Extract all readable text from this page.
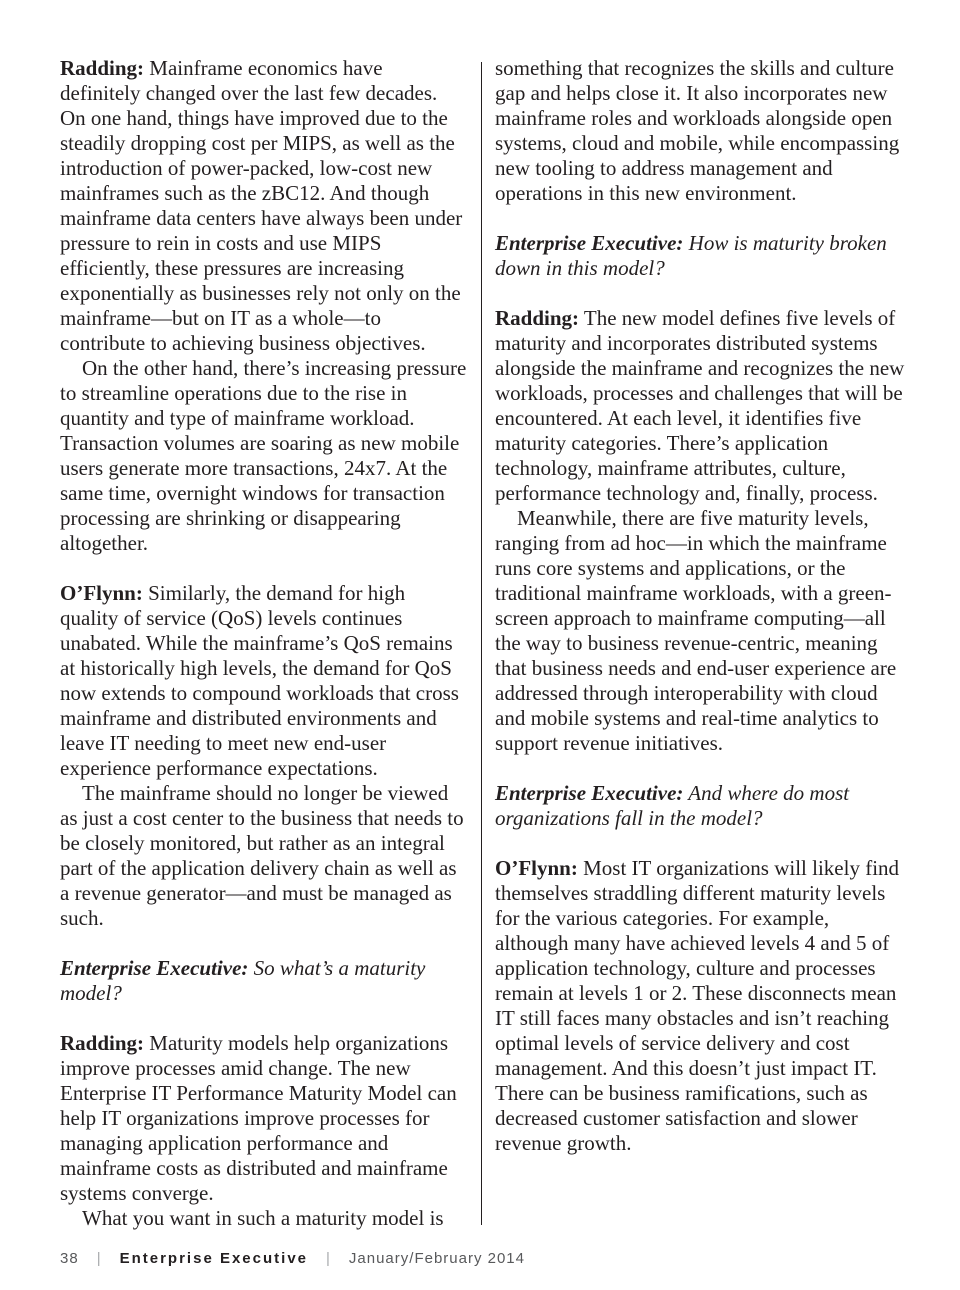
Radding: Mainframe economics have definitely changed over the last few decades. On one hand, things have improved due to the steadily dropping cost per MIPS, as well as the introduction of power-packed, low-cost new mainframes such as the zBC12. And though mainframe data centers have always been under pressure to rein in costs and use MIPS efficiently, these pressures are increasing exponentially as businesses rely not only on the mainframe—but on IT as a whole—to contribute to achieving business objectives.

On the other hand, there’s increasing pressure to streamline operations due to the rise in quantity and type of mainframe workload. Transaction volumes are soaring as new mobile users generate more transactions, 24x7. At the same time, overnight windows for transaction processing are shrinking or disappearing altogether.

O’Flynn: Similarly, the demand for high quality of service (QoS) levels continues unabated. While the mainframe’s QoS remains at historically high levels, the demand for QoS now extends to compound workloads that cross mainframe and distributed environments and leave IT needing to meet new end-user experience performance expectations.

The mainframe should no longer be viewed as just a cost center to the business that needs to be closely monitored, but rather as an integral part of the application delivery chain as well as a revenue generator—and must be managed as such.

Enterprise Executive: So what’s a maturity model?

Radding: Maturity models help organizations improve processes amid change. The new Enterprise IT Performance Maturity Model can help IT organizations improve processes for managing application performance and mainframe costs as distributed and mainframe systems converge.

What you want in such a maturity model is

something that recognizes the skills and culture gap and helps close it. It also incorporates new mainframe roles and workloads alongside open systems, cloud and mobile, while encompassing new tooling to address management and operations in this new environment.

Enterprise Executive: How is maturity broken down in this model?

Radding: The new model defines five levels of maturity and incorporates distributed systems alongside the mainframe and recognizes the new workloads, processes and challenges that will be encountered. At each level, it identifies five maturity categories. There’s application technology, mainframe attributes, culture, performance technology and, finally, process.

Meanwhile, there are five maturity levels, ranging from ad hoc—in which the mainframe runs core systems and applications, or the traditional mainframe workloads, with a green-screen approach to mainframe computing—all the way to business revenue-centric, meaning that business needs and end-user experience are addressed through interoperability with cloud and mobile systems and real-time analytics to support revenue initiatives.

Enterprise Executive: And where do most organizations fall in the model?

O’Flynn: Most IT organizations will likely find themselves straddling different maturity levels for the various categories. For example, although many have achieved levels 4 and 5 of application technology, culture and processes remain at levels 1 or 2. These disconnects mean IT still faces many obstacles and isn’t reaching optimal levels of service delivery and cost management. And this doesn’t just impact IT. There can be business ramifications, such as decreased customer satisfaction and slower revenue growth.

38 | Enterprise Executive | January/February 2014
